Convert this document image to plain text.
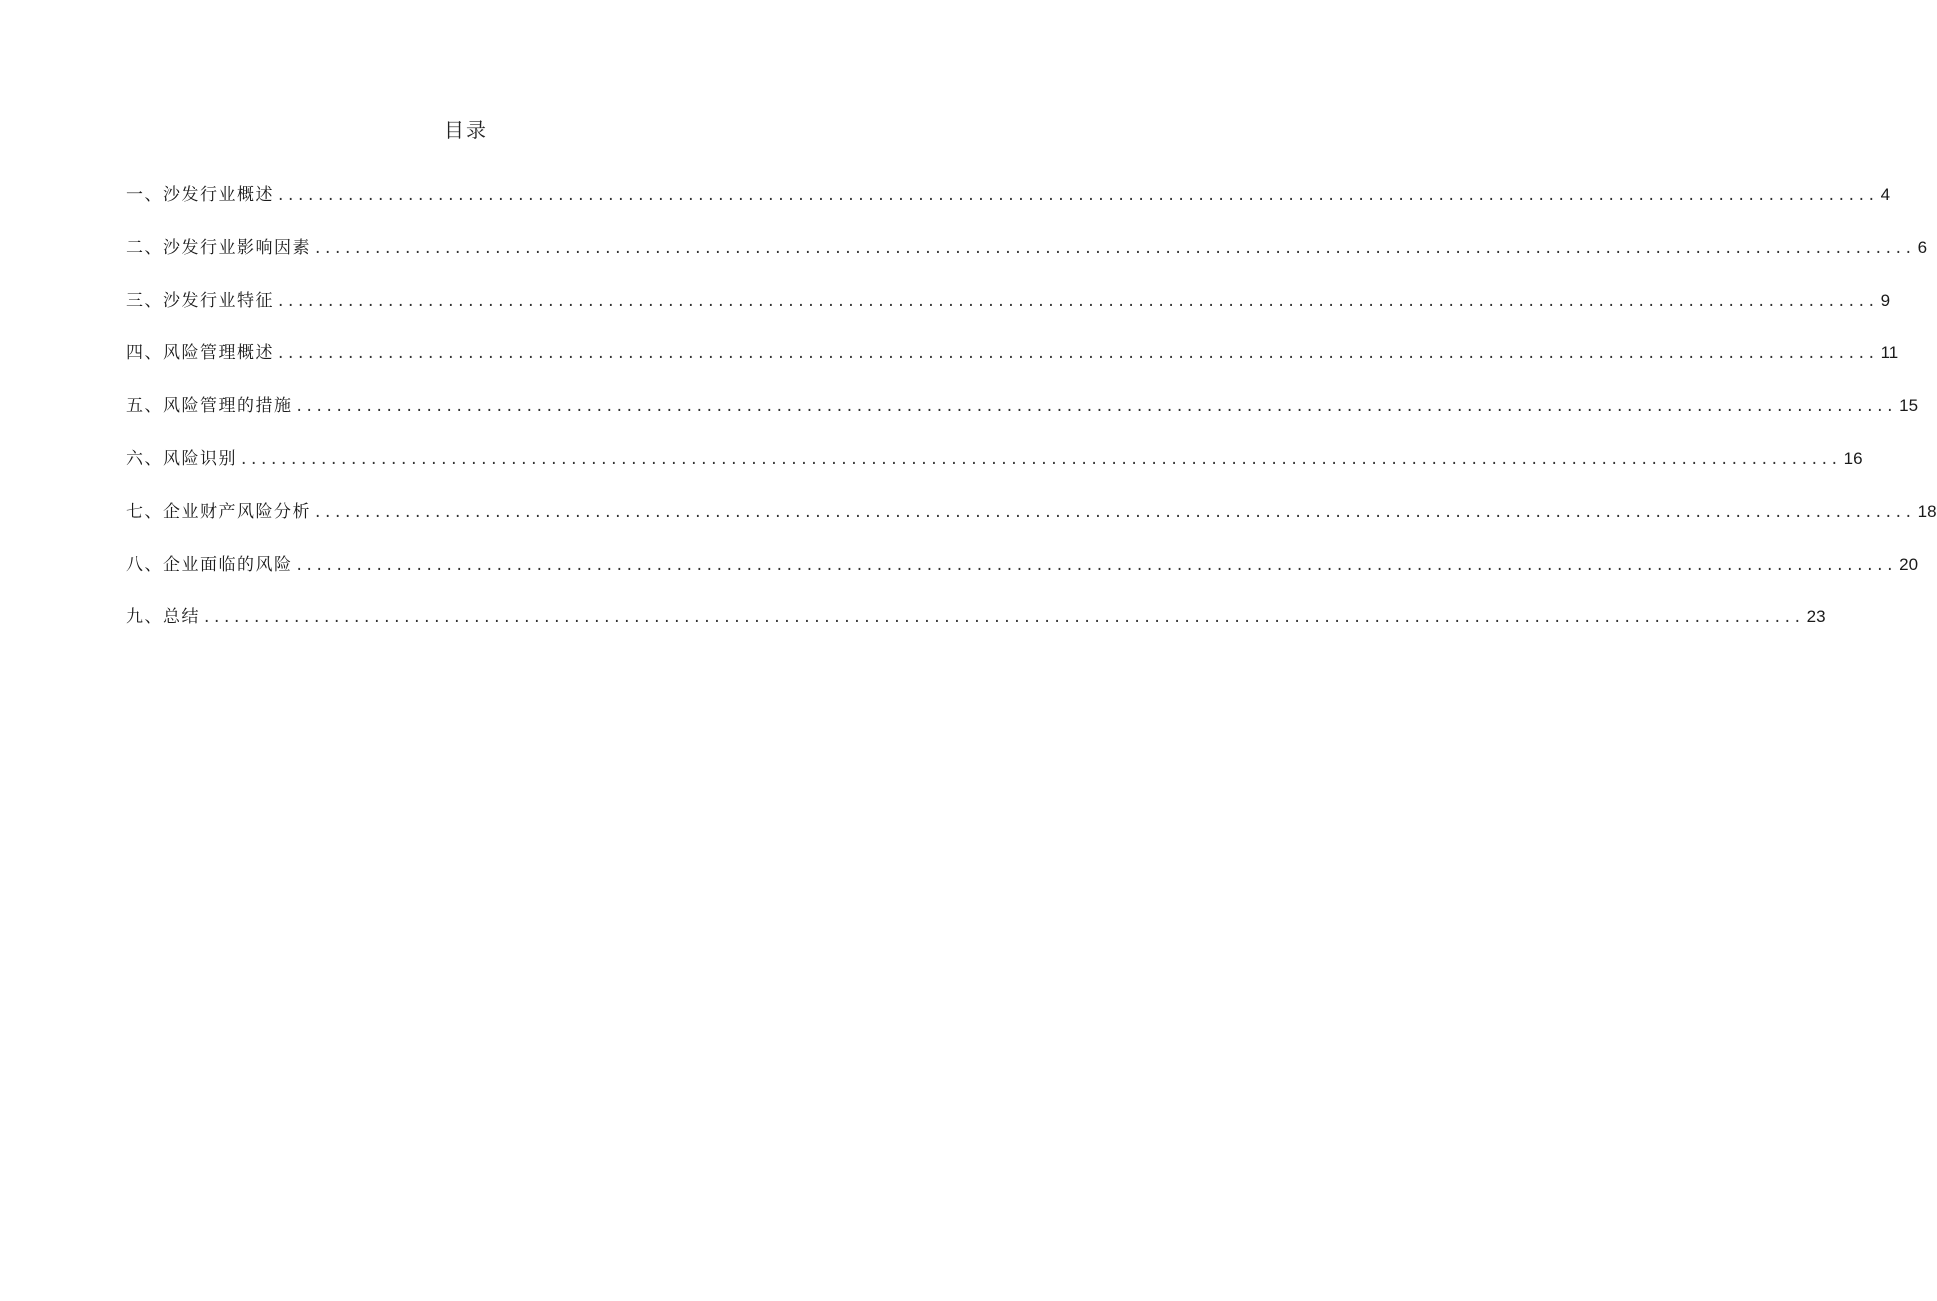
目录
一、沙发行业概述 ................................................................................................................................................................ 4
二、沙发行业影响因素 ................................................................................................................................................................ 6
三、沙发行业特征 ................................................................................................................................................................ 9
四、风险管理概述 ................................................................................................................................................................ 11
五、风险管理的措施 ................................................................................................................................................................ 15
六、风险识别 ................................................................................................................................................................ 16
七、企业财产风险分析 ................................................................................................................................................................ 18
八、企业面临的风险 ................................................................................................................................................................ 20
九、总结 ................................................................................................................................................................ 23
